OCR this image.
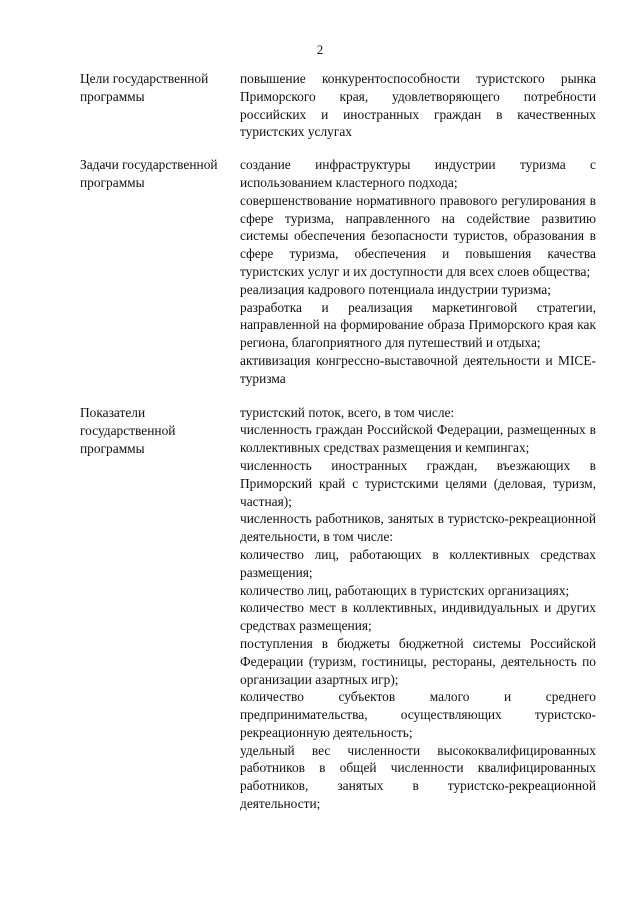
2
Цели государственной программы

повышение конкурентоспособности туристского рынка Приморского края, удовлетворяющего потребности российских и иностранных граждан в качественных туристских услугах

Задачи государственной программы

создание инфраструктуры индустрии туризма с использованием кластерного подхода;

совершенствование нормативного правового регулирования в сфере туризма, направленного на содействие развитию системы обеспечения безопасности туристов, образования в сфере туризма, обеспечения и повышения качества туристских услуг и их доступности для всех слоев общества;

реализация кадрового потенциала индустрии туризма;

разработка и реализация маркетинговой стратегии, направленной на формирование образа Приморского края как региона, благоприятного для путешествий и отдыха;

активизация конгрессно-выставочной деятельности и MICE-туризма

Показатели государственной программы

туристский поток, всего, в том числе:

численность граждан Российской Федерации, размещенных в коллективных средствах размещения и кемпингах;

численность иностранных граждан, въезжающих в Приморский край с туристскими целями (деловая, туризм, частная);

численность работников, занятых в туристско-рекреационной деятельности, в том числе:

количество лиц, работающих в коллективных средствах размещения;

количество лиц, работающих в туристских организациях;

количество мест в коллективных, индивидуальных и других средствах размещения;

поступления в бюджеты бюджетной системы Российской Федерации (туризм, гостиницы, рестораны, деятельность по организации азартных игр);

количество субъектов малого и среднего предпринимательства, осуществляющих туристско-рекреационную деятельность;

удельный вес численности высококвалифицированных работников в общей численности квалифицированных работников, занятых в туристско-рекреационной деятельности;
